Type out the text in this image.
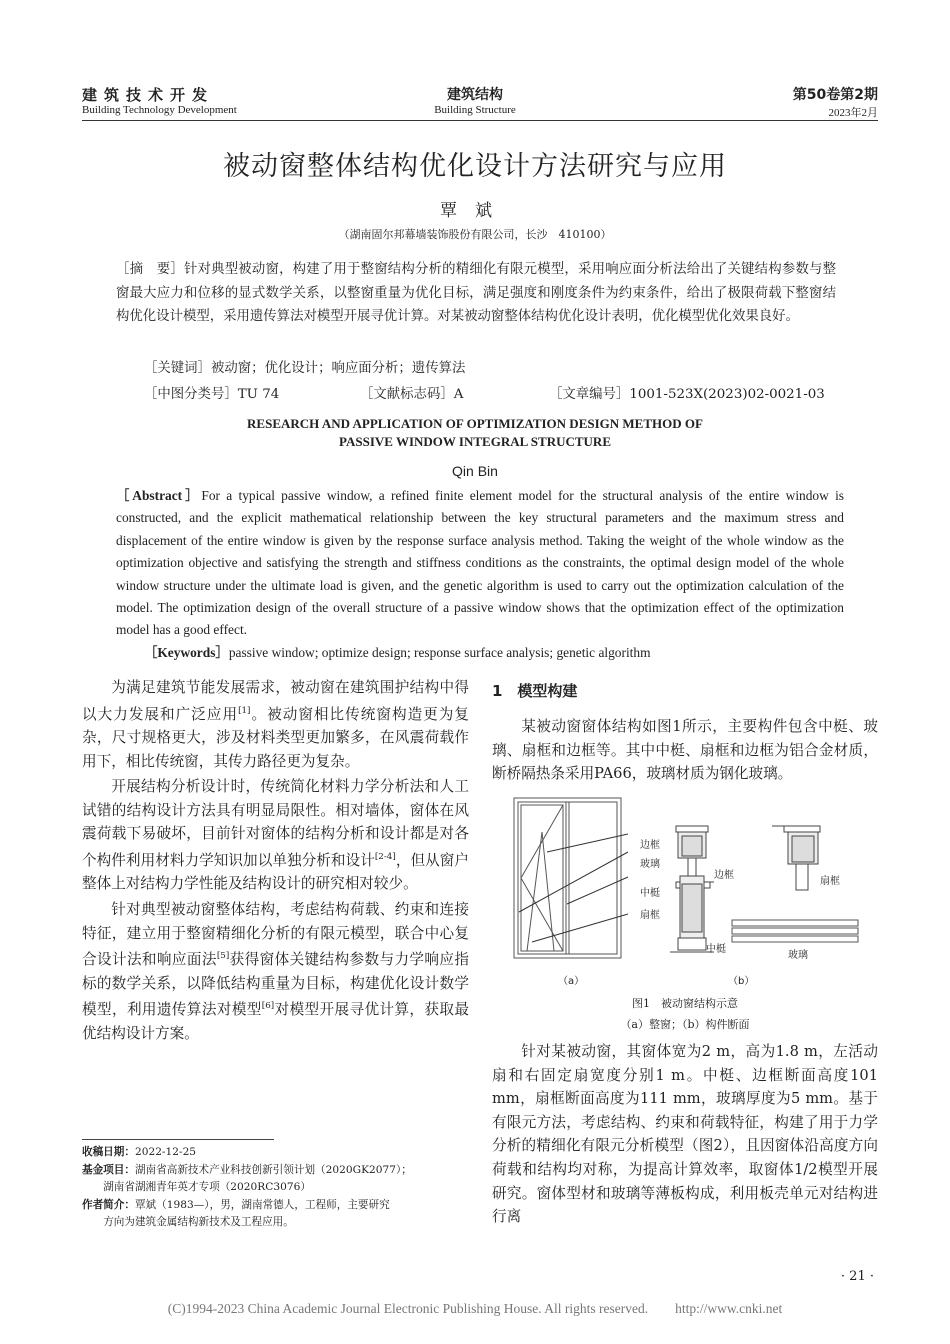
建筑技术开发
Building Technology Development
建筑结构
Building Structure
第50卷第2期
2023年2月
被动窗整体结构优化设计方法研究与应用
覃斌
（湖南固尔邦幕墙装饰股份有限公司，长沙　410100）
［摘　要］针对典型被动窗，构建了用于整窗结构分析的精细化有限元模型，采用响应面分析法给出了关键结构参数与整窗最大应力和位移的显式数学关系，以整窗重量为优化目标，满足强度和刚度条件为约束条件，给出了极限荷载下整窗结构优化设计模型，采用遗传算法对模型开展寻优计算。对某被动窗整体结构优化设计表明，优化模型优化效果良好。
［关键词］被动窗；优化设计；响应面分析；遗传算法
［中图分类号］TU 74	［文献标志码］A	［文章编号］1001-523X(2023)02-0021-03
RESEARCH AND APPLICATION OF OPTIMIZATION DESIGN METHOD OF
PASSIVE WINDOW INTEGRAL STRUCTURE
Qin Bin
［Abstract］For a typical passive window, a refined finite element model for the structural analysis of the entire window is constructed, and the explicit mathematical relationship between the key structural parameters and the maximum stress and displacement of the entire window is given by the response surface analysis method. Taking the weight of the whole window as the optimization objective and satisfying the strength and stiffness conditions as the constraints, the optimal design model of the whole window structure under the ultimate load is given, and the genetic algorithm is used to carry out the optimization calculation of the model. The optimization design of the overall structure of a passive window shows that the optimization effect of the optimization model has a good effect.
［Keywords］passive window; optimize design; response surface analysis; genetic algorithm

为满足建筑节能发展需求，被动窗在建筑围护结构中得以大力发展和广泛应用[1]。被动窗相比传统窗构造更为复杂，尺寸规格更大，涉及材料类型更加繁多，在风震荷载作用下，相比传统窗，其传力路径更为复杂。

开展结构分析设计时，传统简化材料力学分析法和人工试错的结构设计方法具有明显局限性。相对墙体，窗体在风震荷载下易破坏，目前针对窗体的结构分析和设计都是对各个构件利用材料力学知识加以单独分析和设计[2-4]，但从窗户整体上对结构力学性能及结构设计的研究相对较少。

针对典型被动窗整体结构，考虑结构荷载、约束和连接特征，建立用于整窗精细化分析的有限元模型，联合中心复合设计法和响应面法[5]获得窗体关键结构参数与力学响应指标的数学关系，以降低结构重量为目标，构建优化设计数学模型，利用遗传算法对模型[6]对模型开展寻优计算，获取最优结构设计方案。

收稿日期：2022-12-25
基金项目：湖南省高新技术产业科技创新引领计划（2020GK2077）；
湖南省湖湘青年英才专项（2020RC3076）
作者简介：覃斌（1983—），男，湖南常德人，工程师，主要研究
方向为建筑金属结构新技术及工程应用。
1　模型构建

某被动窗窗体结构如图1所示，主要构件包含中梃、玻璃、扇框和边框等。其中中梃、扇框和边框为铝合金材质，断桥隔热条采用PA66，玻璃材质为钢化玻璃。

边框
玻璃
中梃
扇框
边框
扇框
中梃
玻璃
（a）	（b）
图1　被动窗结构示意
（a）整窗；（b）构件断面

针对某被动窗，其窗体宽为2 m，高为1.8 m，左活动扇和右固定扇宽度分别1 m。中梃、边框断面高度101 mm，扇框断面高度为111 mm，玻璃厚度为5 mm。基于有限元方法，考虑结构、约束和荷载特征，构建了用于力学分析的精细化有限元分析模型（图2），且因窗体沿高度方向荷载和结构均对称，为提高计算效率，取窗体1/2模型开展研究。窗体型材和玻璃等薄板构成，利用板壳单元对结构进行离

· 21 ·
(C)1994-2023 China Academic Journal Electronic Publishing House. All rights reserved.　　http://www.cnki.net
